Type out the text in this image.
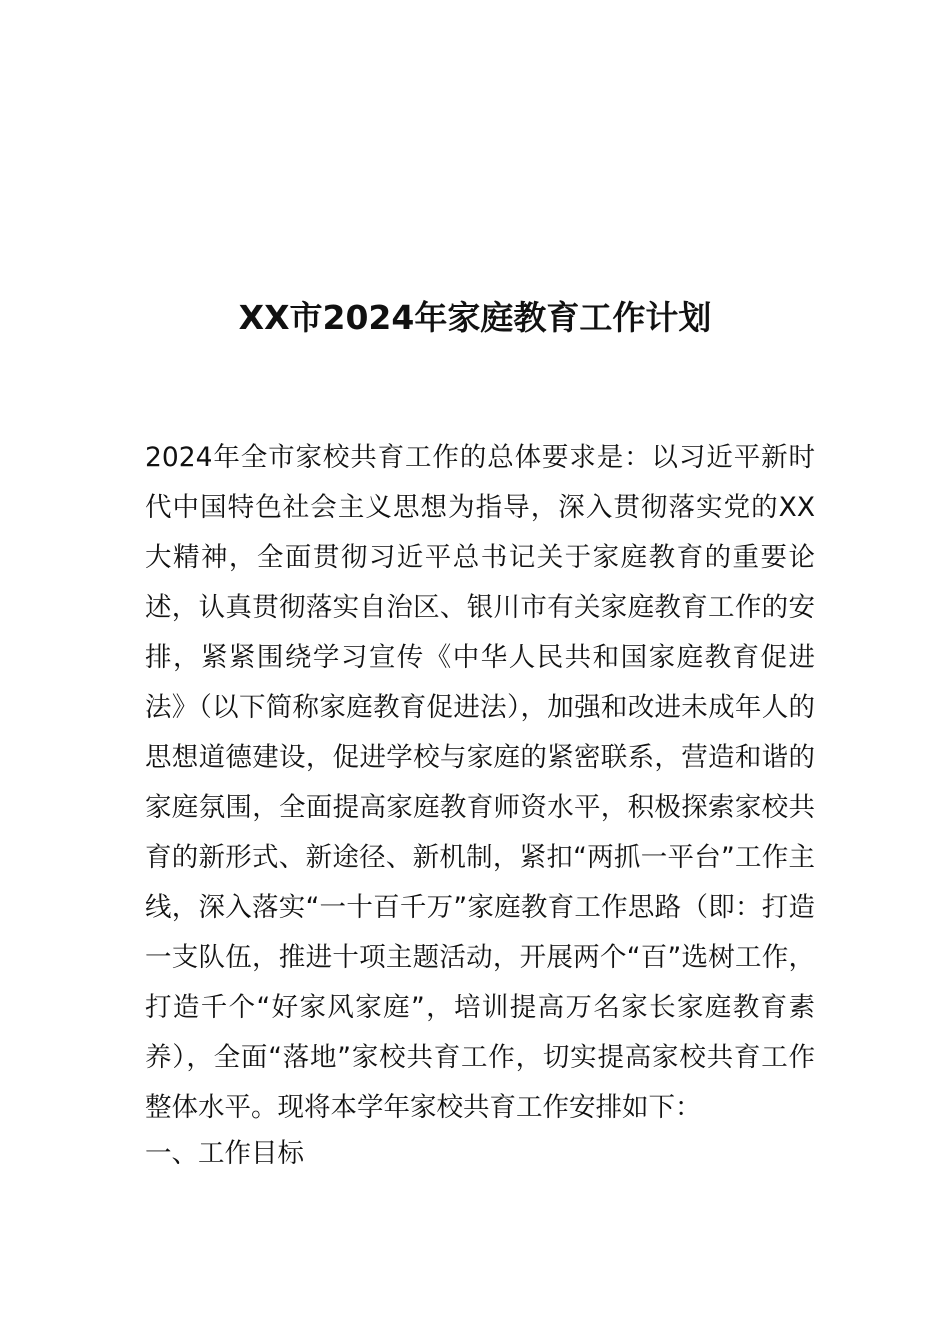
XX市2024年家庭教育工作计划
2024年全市家校共育工作的总体要求是：以习近平新时代中国特色社会主义思想为指导，深入贯彻落实党的XX大精神，全面贯彻习近平总书记关于家庭教育的重要论述，认真贯彻落实自治区、银川市有关家庭教育工作的安排，紧紧围绕学习宣传《中华人民共和国家庭教育促进法》（以下简称家庭教育促进法），加强和改进未成年人的思想道德建设，促进学校与家庭的紧密联系，营造和谐的家庭氛围，全面提高家庭教育师资水平，积极探索家校共育的新形式、新途径、新机制，紧扣“两抓一平台”工作主线，深入落实“一十百千万”家庭教育工作思路（即：打造一支队伍，推进十项主题活动，开展两个“百”选树工作，打造千个“好家风家庭”，培训提高万名家长家庭教育素养），全面“落地”家校共育工作，切实提高家校共育工作整体水平。现将本学年家校共育工作安排如下：
一、工作目标
